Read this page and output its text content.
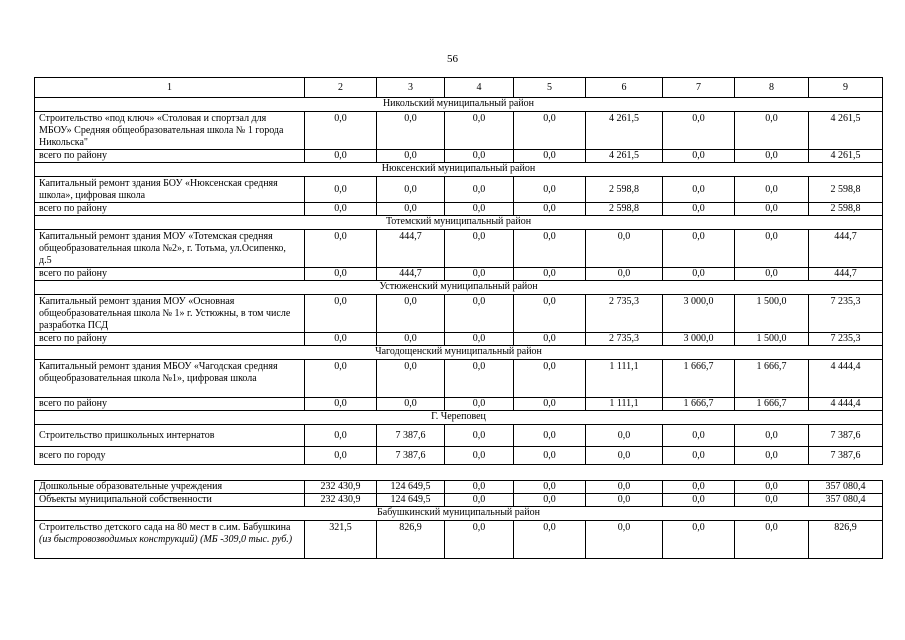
56
1	2	3	4	5	6	7	8	9
Никольский муниципальный район								
Строительство «под ключ» «Столовая и спортзал для МБОУ» Средняя общеобразовательная школа № 1 города Никольска"	0,0	0,0	0,0	0,0	4 261,5	0,0	0,0	4 261,5
всего по району	0,0	0,0	0,0	0,0	4 261,5	0,0	0,0	4 261,5
Нюксенский муниципальный район								
Капитальный ремонт здания БОУ «Нюксенская средняя школа», цифровая школа	0,0	0,0	0,0	0,0	2 598,8	0,0	0,0	2 598,8
всего по району	0,0	0,0	0,0	0,0	2 598,8	0,0	0,0	2 598,8
Тотемский муниципальный район								
Капитальный ремонт здания МОУ «Тотемская средняя общеобразовательная школа №2», г. Тотьма, ул.Осипенко, д.5	0,0	444,7	0,0	0,0	0,0	0,0	0,0	444,7
всего по району	0,0	444,7	0,0	0,0	0,0	0,0	0,0	444,7
Устюженский муниципальный район								
Капитальный ремонт здания МОУ «Основная общеобразовательная школа № 1» г. Устюжны, в том числе разработка ПСД	0,0	0,0	0,0	0,0	2 735,3	3 000,0	1 500,0	7 235,3
всего по району	0,0	0,0	0,0	0,0	2 735,3	3 000,0	1 500,0	7 235,3
Чагодощенский муниципальный район								
Капитальный ремонт здания МБОУ «Чагодская средняя общеобразовательная школа №1», цифровая школа	0,0	0,0	0,0	0,0	1 111,1	1 666,7	1 666,7	4 444,4
всего по району	0,0	0,0	0,0	0,0	1 111,1	1 666,7	1 666,7	4 444,4
Г. Череповец								
Строительство пришкольных интернатов	0,0	7 387,6	0,0	0,0	0,0	0,0	0,0	7 387,6
всего по городу	0,0	7 387,6	0,0	0,0	0,0	0,0	0,0	7 387,6

Дошкольные образовательные учреждения	232 430,9	124 649,5	0,0	0,0	0,0	0,0	0,0	357 080,4
Объекты муниципальной собственности	232 430,9	124 649,5	0,0	0,0	0,0	0,0	0,0	357 080,4
Бабушкинский муниципальный район								
Строительство детского сада на 80 мест в с.им. Бабушкина (из быстровозводимых конструкций) (МБ -309,0 тыс. руб.)	321,5	826,9	0,0	0,0	0,0	0,0	0,0	826,9
